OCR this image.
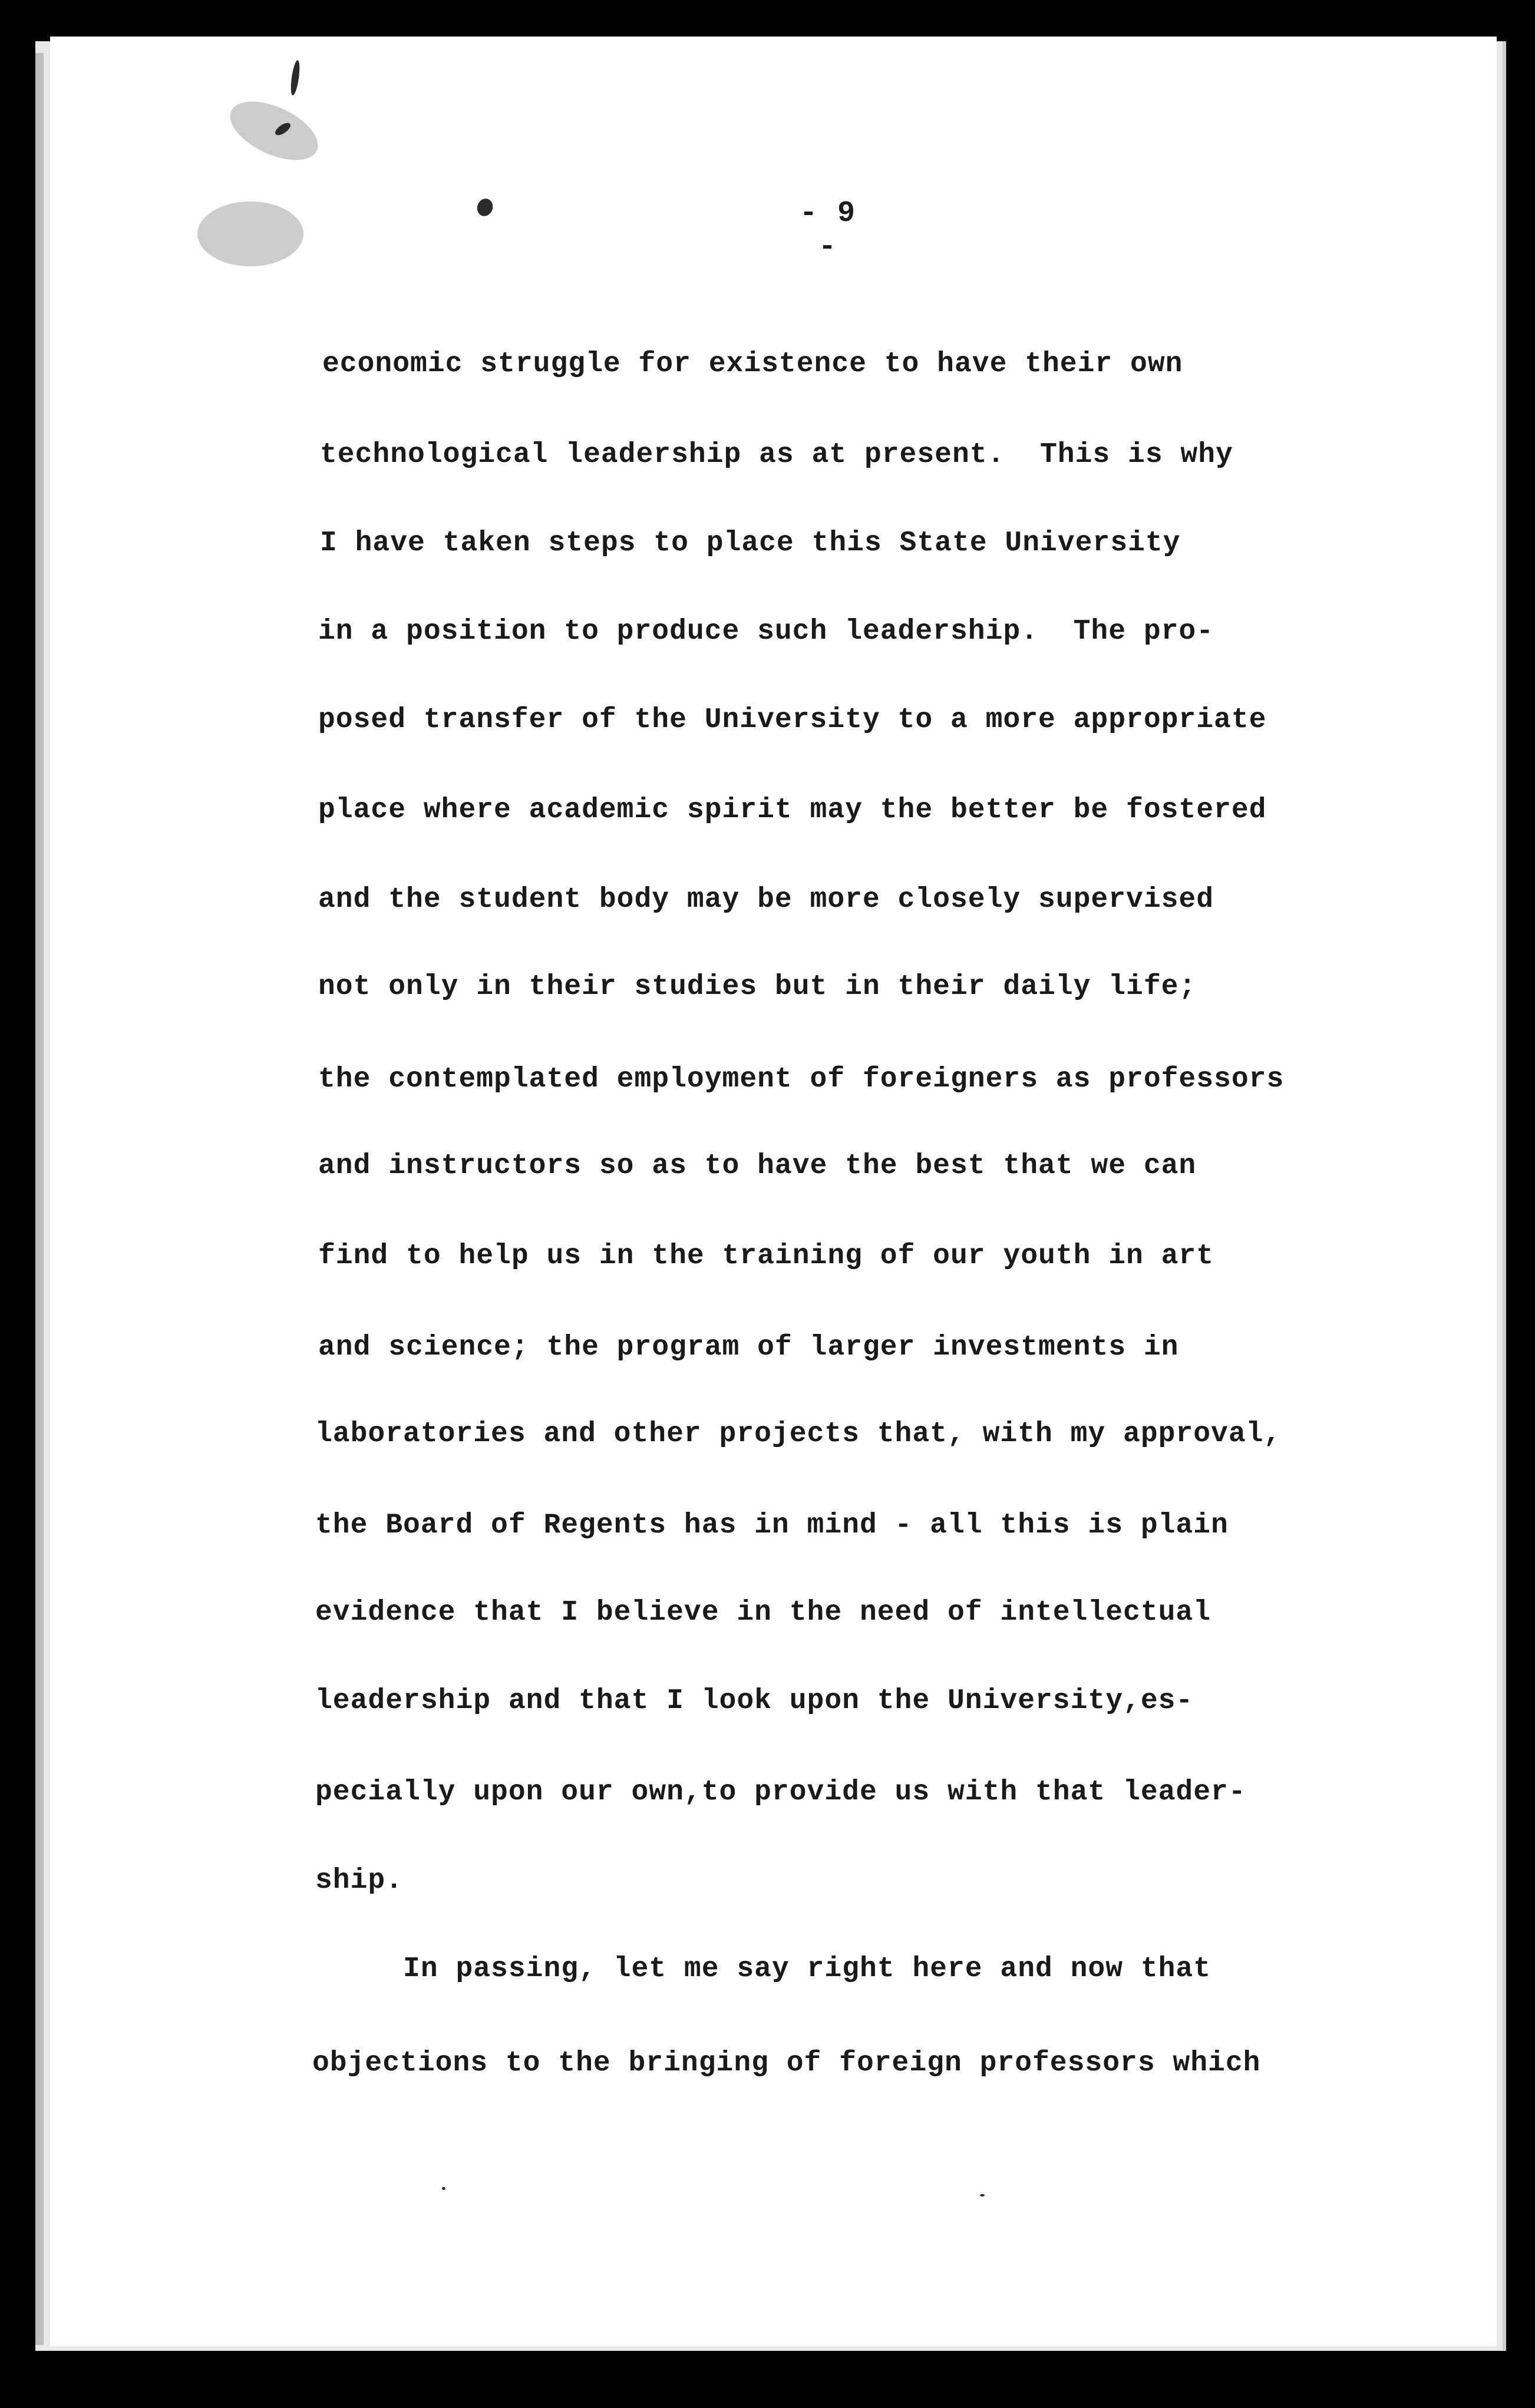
- 9 -
economic struggle for existence to have their own
technological leadership as at present.  This is why
I have taken steps to place this State University
in a position to produce such leadership.  The pro-
posed transfer of the University to a more appropriate
place where academic spirit may the better be fostered
and the student body may be more closely supervised
not only in their studies but in their daily life;
the contemplated employment of foreigners as professors
and instructors so as to have the best that we can
find to help us in the training of our youth in art
and science; the program of larger investments in
laboratories and other projects that, with my approval,
the Board of Regents has in mind - all this is plain
evidence that I believe in the need of intellectual
leadership and that I look upon the University,es-
pecially upon our own,to provide us with that leader-
ship.
In passing, let me say right here and now that
objections to the bringing of foreign professors which
